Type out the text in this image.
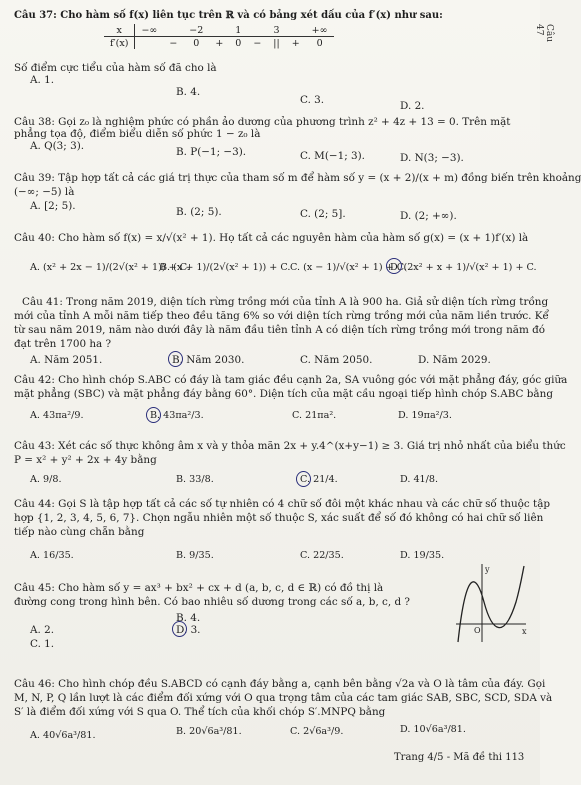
Câu 47
Câu 37: Cho hàm số f(x) liên tục trên ℝ và có bảng xét dấu của f′(x) như sau:
x	−∞		−2		1		3		+∞
f′(x)		−	0	+	0	−	||	+	0
Số điểm cực tiểu của hàm số đã cho là
A. 1.
B. 4.
C. 3.	D. 2.
Câu 38: Gọi z₀ là nghiệm phức có phần ảo dương của phương trình z² + 4z + 13 = 0. Trên mặt
phẳng tọa độ, điểm biểu diễn số phức 1 − z₀ là
A. Q(3; 3).	B. P(−1; −3).	C. M(−1; 3).	D. N(3; −3).
Câu 39: Tập hợp tất cả các giá trị thực của tham số m để hàm số y = (x + 2)/(x + m) đồng biến trên khoảng
(−∞; −5) là
A. [2; 5).	B. (2; 5).	C. (2; 5].	D. (2; +∞).
Câu 40: Cho hàm số f(x) = x/√(x² + 1). Họ tất cả các nguyên hàm của hàm số g(x) = (x + 1)f′(x) là
A. (x² + 2x − 1)/(2√(x² + 1)) + C.
B. (x + 1)/(2√(x² + 1)) + C. C. (x − 1)/√(x² + 1) + C.
D. (2x² + x + 1)/√(x² + 1) + C.
Câu 41: Trong năm 2019, diện tích rừng trồng mới của tỉnh A là 900 ha. Giả sử diện tích rừng trồng
mới của tỉnh A mỗi năm tiếp theo đều tăng 6% so với diện tích rừng trồng mới của năm liền trước. Kể
từ sau năm 2019, năm nào dưới đây là năm đầu tiên tỉnh A có diện tích rừng trồng mới trong năm đó
đạt trên 1700 ha ?
A. Năm 2051.	B. Năm 2030.	C. Năm 2050.	D. Năm 2029.
Câu 42: Cho hình chóp S.ABC có đáy là tam giác đều cạnh 2a, SA vuông góc với mặt phẳng đáy, góc giữa
mặt phẳng (SBC) và mặt phẳng đáy bằng 60°. Diện tích của mặt cầu ngoại tiếp hình chóp S.ABC bằng
A. 43πa²/9.	B. 43πa²/3.	C. 21πa².	D. 19πa²/3.
Câu 43: Xét các số thực không âm x và y thỏa mãn 2x + y.4^(x+y−1) ≥ 3. Giá trị nhỏ nhất của biểu thức
P = x² + y² + 2x + 4y bằng
A. 9/8.	B. 33/8.	C. 21/4.	D. 41/8.
Câu 44: Gọi S là tập hợp tất cả các số tự nhiên có 4 chữ số đôi một khác nhau và các chữ số thuộc tập
hợp {1, 2, 3, 4, 5, 6, 7}. Chọn ngẫu nhiên một số thuộc S, xác suất để số đó không có hai chữ số liên
tiếp nào cùng chẵn bằng
A. 16/35.	B. 9/35.	C. 22/35.	D. 19/35.
Câu 45: Cho hàm số y = ax³ + bx² + cx + d (a, b, c, d ∈ ℝ) có đồ thị là
đường cong trong hình bên. Có bao nhiêu số dương trong các số a, b, c, d ?
B. 4.
A. 2.	D. 3.
C. 1.
y
x
O
Câu 46: Cho hình chóp đều S.ABCD có cạnh đáy bằng a, cạnh bên bằng √2a và O là tâm của đáy. Gọi
M, N, P, Q lần lượt là các điểm đối xứng với O qua trọng tâm của các tam giác SAB, SBC, SCD, SDA và
S′ là điểm đối xứng với S qua O. Thể tích của khối chóp S′.MNPQ bằng
A. 40√6a³/81.	B. 20√6a³/81.	C. 2√6a³/9.	D. 10√6a³/81.
Trang 4/5 - Mã đề thi 113
